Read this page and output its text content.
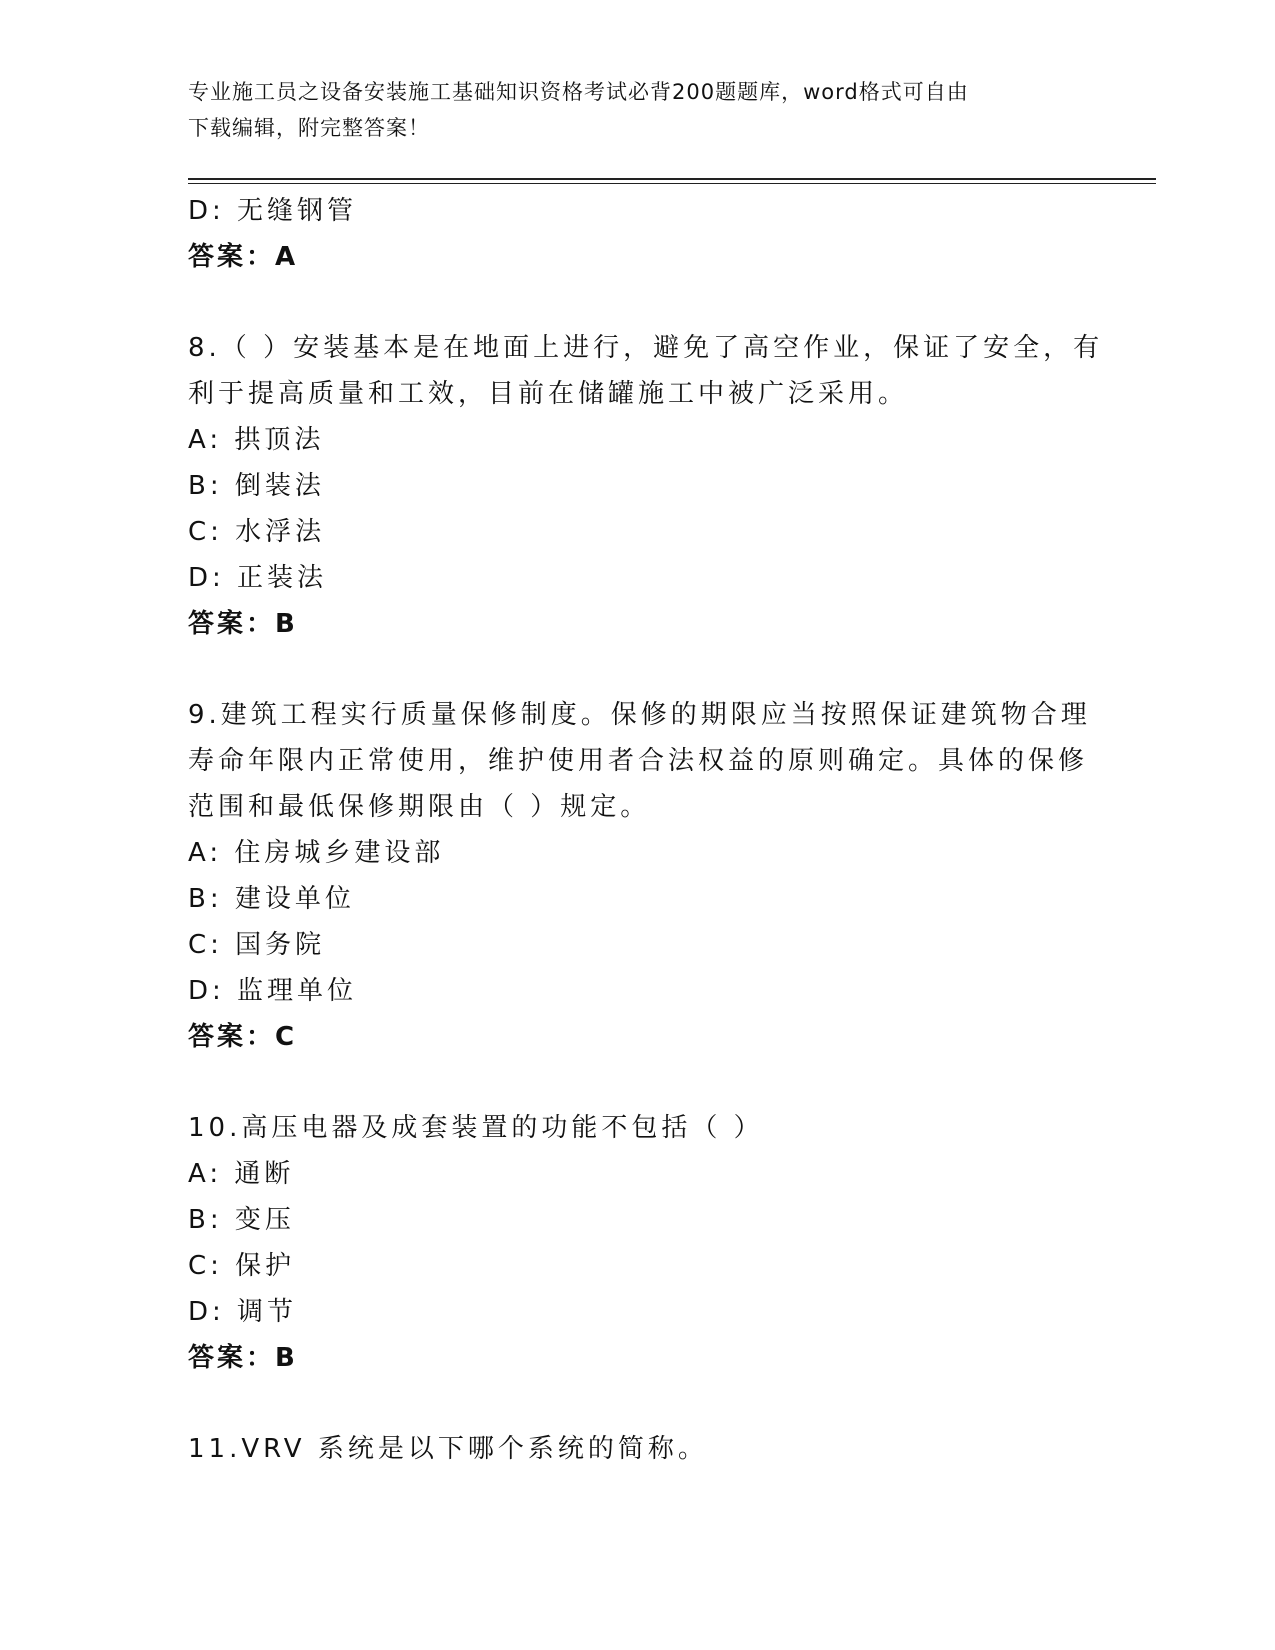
专业施工员之设备安装施工基础知识资格考试必背200题题库，word格式可自由
下载编辑，附完整答案！
D: 无缝钢管
答案：A
8.（ ）安装基本是在地面上进行，避免了高空作业，保证了安全，有
利于提高质量和工效，目前在储罐施工中被广泛采用。
A: 拱顶法
B: 倒装法
C: 水浮法
D: 正装法
答案：B
9.建筑工程实行质量保修制度。保修的期限应当按照保证建筑物合理
寿命年限内正常使用，维护使用者合法权益的原则确定。具体的保修
范围和最低保修期限由（ ）规定。
A: 住房城乡建设部
B: 建设单位
C: 国务院
D: 监理单位
答案：C
10.高压电器及成套装置的功能不包括（ ）
A: 通断
B: 变压
C: 保护
D: 调节
答案：B
11.VRV 系统是以下哪个系统的简称。
